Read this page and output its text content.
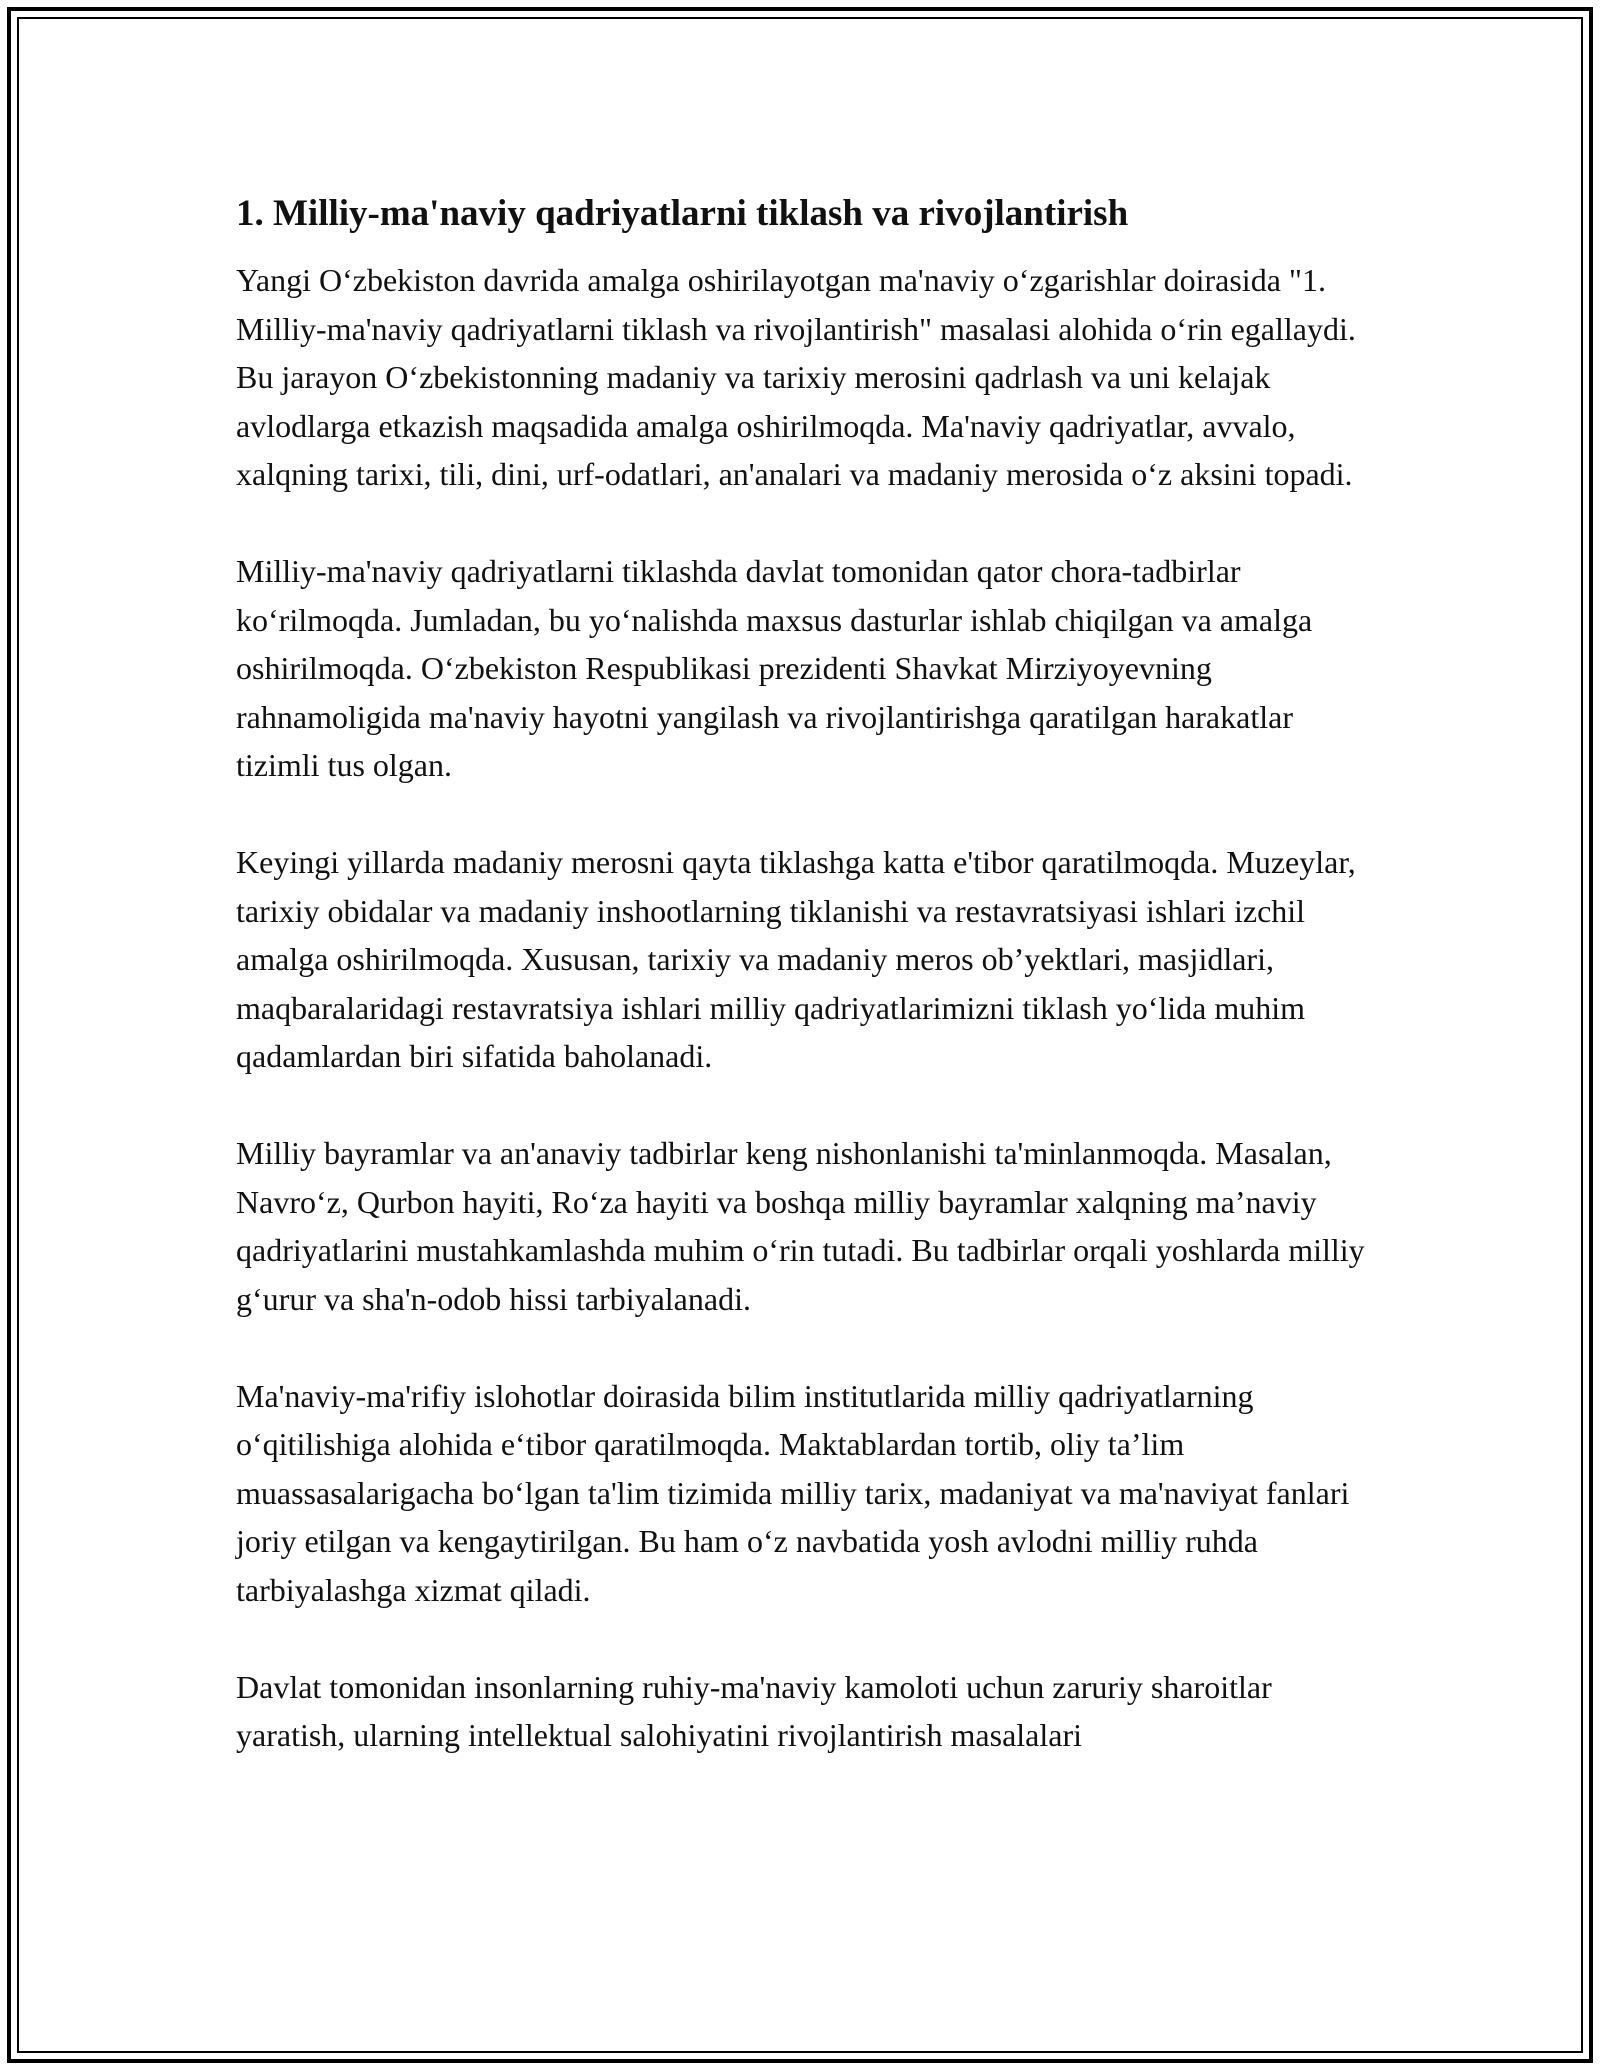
1. Milliy-ma'naviy qadriyatlarni tiklash va rivojlantirish

Yangi O‘zbekiston davrida amalga oshirilayotgan ma'naviy o‘zgarishlar doirasida "1. Milliy-ma'naviy qadriyatlarni tiklash va rivojlantirish" masalasi alohida o‘rin egallaydi. Bu jarayon O‘zbekistonning madaniy va tarixiy merosini qadrlash va uni kelajak avlodlarga etkazish maqsadida amalga oshirilmoqda. Ma'naviy qadriyatlar, avvalo, xalqning tarixi, tili, dini, urf-odatlari, an'analari va madaniy merosida o‘z aksini topadi.

Milliy-ma'naviy qadriyatlarni tiklashda davlat tomonidan qator chora-tadbirlar ko‘rilmoqda. Jumladan, bu yo‘nalishda maxsus dasturlar ishlab chiqilgan va amalga oshirilmoqda. O‘zbekiston Respublikasi prezidenti Shavkat Mirziyoyevning rahnamoligida ma'naviy hayotni yangilash va rivojlantirishga qaratilgan harakatlar tizimli tus olgan.

Keyingi yillarda madaniy merosni qayta tiklashga katta e'tibor qaratilmoqda. Muzeylar, tarixiy obidalar va madaniy inshootlarning tiklanishi va restavratsiyasi ishlari izchil amalga oshirilmoqda. Xususan, tarixiy va madaniy meros ob’yektlari, masjidlari, maqbaralaridagi restavratsiya ishlari milliy qadriyatlarimizni tiklash yo‘lida muhim qadamlardan biri sifatida baholanadi.

Milliy bayramlar va an'anaviy tadbirlar keng nishonlanishi ta'minlanmoqda. Masalan, Navro‘z, Qurbon hayiti, Ro‘za hayiti va boshqa milliy bayramlar xalqning ma’naviy qadriyatlarini mustahkamlashda muhim o‘rin tutadi. Bu tadbirlar orqali yoshlarda milliy g‘urur va sha'n-odob hissi tarbiyalanadi.

Ma'naviy-ma'rifiy islohotlar doirasida bilim institutlarida milliy qadriyatlarning o‘qitilishiga alohida e‘tibor qaratilmoqda. Maktablardan tortib, oliy ta’lim muassasalarigacha bo‘lgan ta'lim tizimida milliy tarix, madaniyat va ma'naviyat fanlari joriy etilgan va kengaytirilgan. Bu ham o‘z navbatida yosh avlodni milliy ruhda tarbiyalashga xizmat qiladi.

Davlat tomonidan insonlarning ruhiy-ma'naviy kamoloti uchun zaruriy sharoitlar yaratish, ularning intellektual salohiyatini rivojlantirish masalalari
